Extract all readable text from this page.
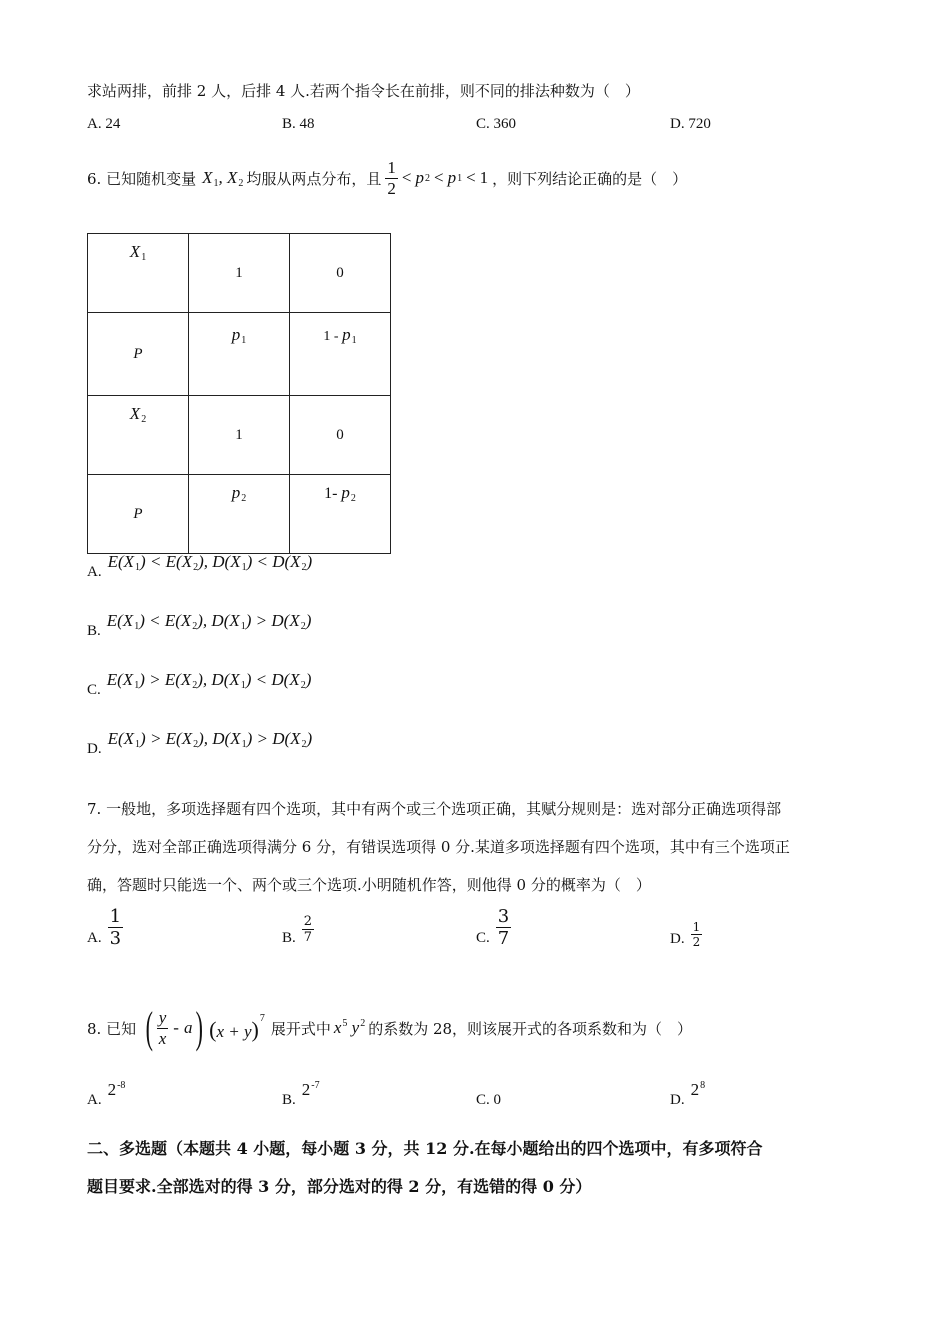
求站两排，前排 2 人，后排 4 人.若两个指令长在前排，则不同的排法种数为（　）
A. 24	B. 48	C. 360	D. 720
6. 已知随机变量 $X_1$, $X_2$ 均服从两点分布，且 $\frac{1}{2} < p$ 2 < p 1 < 1 ，则下列结论正确的是（　）
$X_1$	1	0
P	$p_1$	$1 - p_1$
$X_2$	1	0
P	$p_2$	1- $p_2$
A.
$E(X_1) < E(X_2)$, $D(X_1) < D(X_2)$
B.
$E(X_1) < E(X_2)$, $D(X_1) > D(X_2)$
C.
$E(X_1) > E(X_2)$, $D(X_1) < D(X_2)$
D.
$E(X_1) > E(X_2)$, $D(X_1) > D(X_2)$
7. 一般地，多项选择题有四个选项，其中有两个或三个选项正确，其赋分规则是：选对部分正确选项得部
分分，选对全部正确选项得满分 6 分，有错误选项得 0 分.某道多项选择题有四个选项，其中有三个选项正
确，答题时只能选一个、两个或三个选项.小明随机作答，则他得 0 分的概率为（　）
A. $\frac{1}{3}$	B. $\frac{2}{7}$	C. $\frac{3}{7}$	D. $\frac{1}{2}$
8. 已知 ( $\frac{y}{x}$ - a ) $(x + y)^7$
展开式中 $x^5$ $y^2$ 的系数为 28，则该展开式的各项系数和为（　）
A.
$2^{-8}$
B.
$2^{-7}$
C. 0	D.
$2^8$
二、多选题（本题共 4 小题，每小题 3 分，共 12 分.在每小题给出的四个选项中，有多项符合
题目要求.全部选对的得 3 分，部分选对的得 2 分，有选错的得 0 分）
